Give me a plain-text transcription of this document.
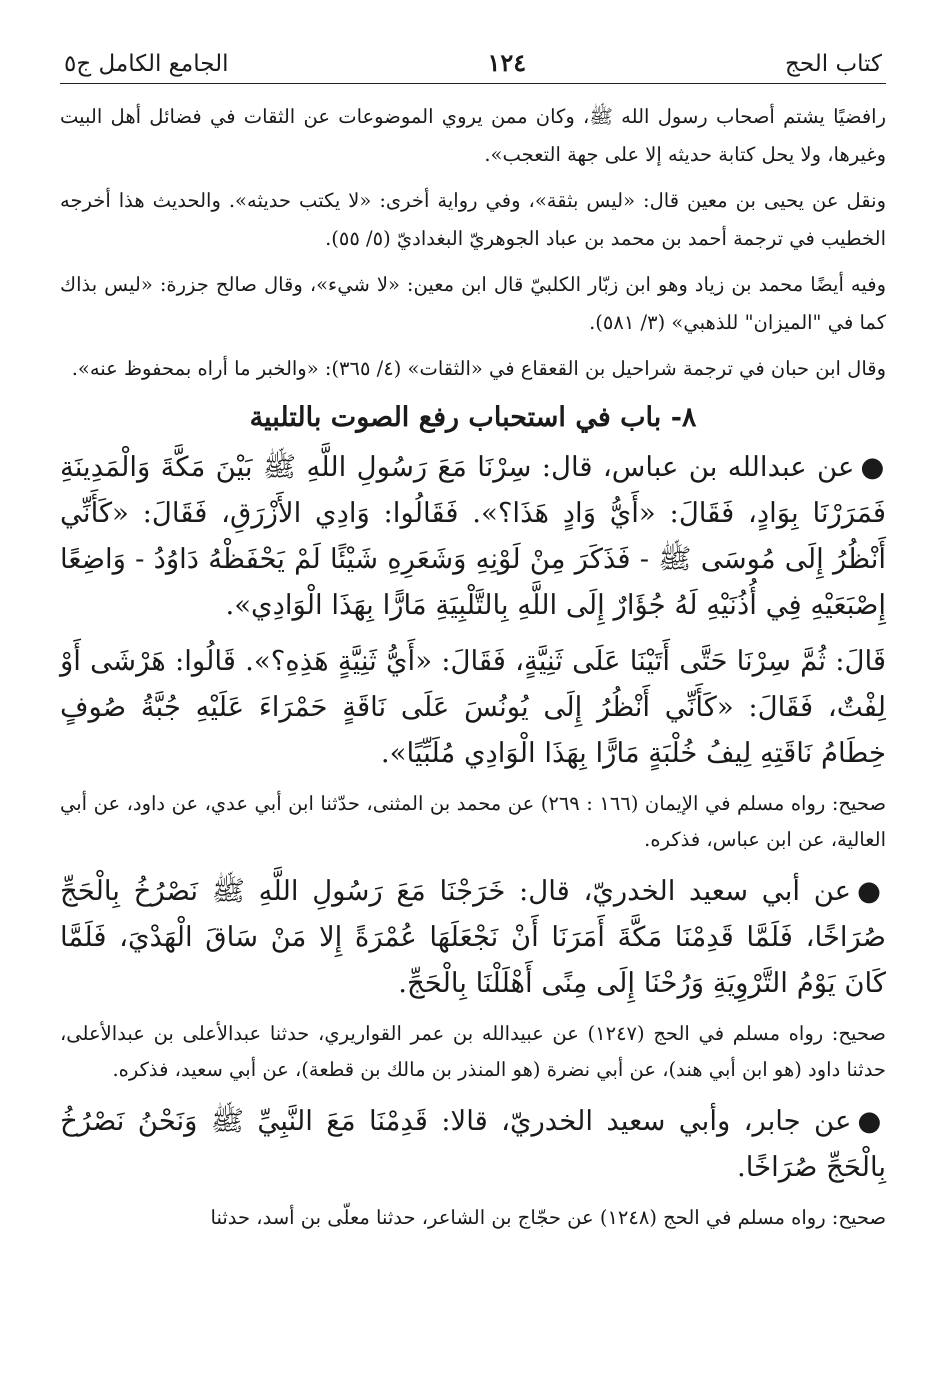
كتاب الحج
١٢٤
الجامع الكامل ج٥

رافضيًا يشتم أصحاب رسول الله ﷺ، وكان ممن يروي الموضوعات عن الثقات في فضائل أهل البيت وغيرها، ولا يحل كتابة حديثه إلا على جهة التعجب».

ونقل عن يحيى بن معين قال: «ليس بثقة»، وفي رواية أخرى: «لا يكتب حديثه». والحديث هذا أخرجه الخطيب في ترجمة أحمد بن محمد بن عباد الجوهريّ البغداديّ (٥/ ٥٥).

وفيه أيضًا محمد بن زياد وهو ابن زبّار الكلبيّ قال ابن معين: «لا شيء»، وقال صالح جزرة: «ليس بذاك كما في "الميزان" للذهبي» (٣/ ٥٨١).

وقال ابن حبان في ترجمة شراحيل بن القعقاع في «الثقات» (٤/ ٣٦٥): «والخبر ما أراه بمحفوظ عنه».

٨- باب في استحباب رفع الصوت بالتلبية

●عن عبدالله بن عباس، قال: سِرْنَا مَعَ رَسُولِ اللَّهِ ﷺ بَيْنَ مَكَّةَ وَالْمَدِينَةِ فَمَرَرْنَا بِوَادٍ، فَقَالَ: «أَيُّ وَادٍ هَذَا؟». فَقَالُوا: وَادِي الأَزْرَقِ، فَقَالَ: «كَأَنِّي أَنْظُرُ إِلَى مُوسَى ﷺ - فَذَكَرَ مِنْ لَوْنِهِ وَشَعَرِهِ شَيْئًا لَمْ يَحْفَظْهُ دَاوُدُ - وَاضِعًا إِصْبَعَيْهِ فِي أُذُنَيْهِ لَهُ جُؤَارٌ إِلَى اللَّهِ بِالتَّلْبِيَةِ مَارًّا بِهَذَا الْوَادِي».

قَالَ: ثُمَّ سِرْنَا حَتَّى أَتَيْنَا عَلَى ثَنِيَّةٍ، فَقَالَ: «أَيُّ ثَنِيَّةٍ هَذِهِ؟». قَالُوا: هَرْشَى أَوْ لِفْتٌ، فَقَالَ: «كَأَنِّي أَنْظُرُ إِلَى يُونُسَ عَلَى نَاقَةٍ حَمْرَاءَ عَلَيْهِ جُبَّةُ صُوفٍ خِطَامُ نَاقَتِهِ لِيفُ خُلْبَةٍ مَارًّا بِهَذَا الْوَادِي مُلَبِّيًا».

صحيح: رواه مسلم في الإيمان (١٦٦ : ٢٦٩) عن محمد بن المثنى، حدّثنا ابن أبي عدي، عن داود، عن أبي العالية، عن ابن عباس، فذكره.

●عن أبي سعيد الخدريّ، قال: خَرَجْنَا مَعَ رَسُولِ اللَّهِ ﷺ نَصْرُخُ بِالْحَجِّ صُرَاخًا، فَلَمَّا قَدِمْنَا مَكَّةَ أَمَرَنَا أَنْ نَجْعَلَهَا عُمْرَةً إِلا مَنْ سَاقَ الْهَدْيَ، فَلَمَّا كَانَ يَوْمُ التَّرْوِيَةِ وَرُحْنَا إِلَى مِنًى أَهْلَلْنَا بِالْحَجِّ.

صحيح: رواه مسلم في الحج (١٢٤٧) عن عبيدالله بن عمر القواريري، حدثنا عبدالأعلى بن عبدالأعلى، حدثنا داود (هو ابن أبي هند)، عن أبي نضرة (هو المنذر بن مالك بن قطعة)، عن أبي سعيد، فذكره.

●عن جابر، وأبي سعيد الخدريّ، قالا: قَدِمْنَا مَعَ النَّبِيِّ ﷺ وَنَحْنُ نَصْرُخُ بِالْحَجِّ صُرَاخًا.

صحيح: رواه مسلم في الحج (١٢٤٨) عن حجّاج بن الشاعر، حدثنا معلّى بن أسد، حدثنا
